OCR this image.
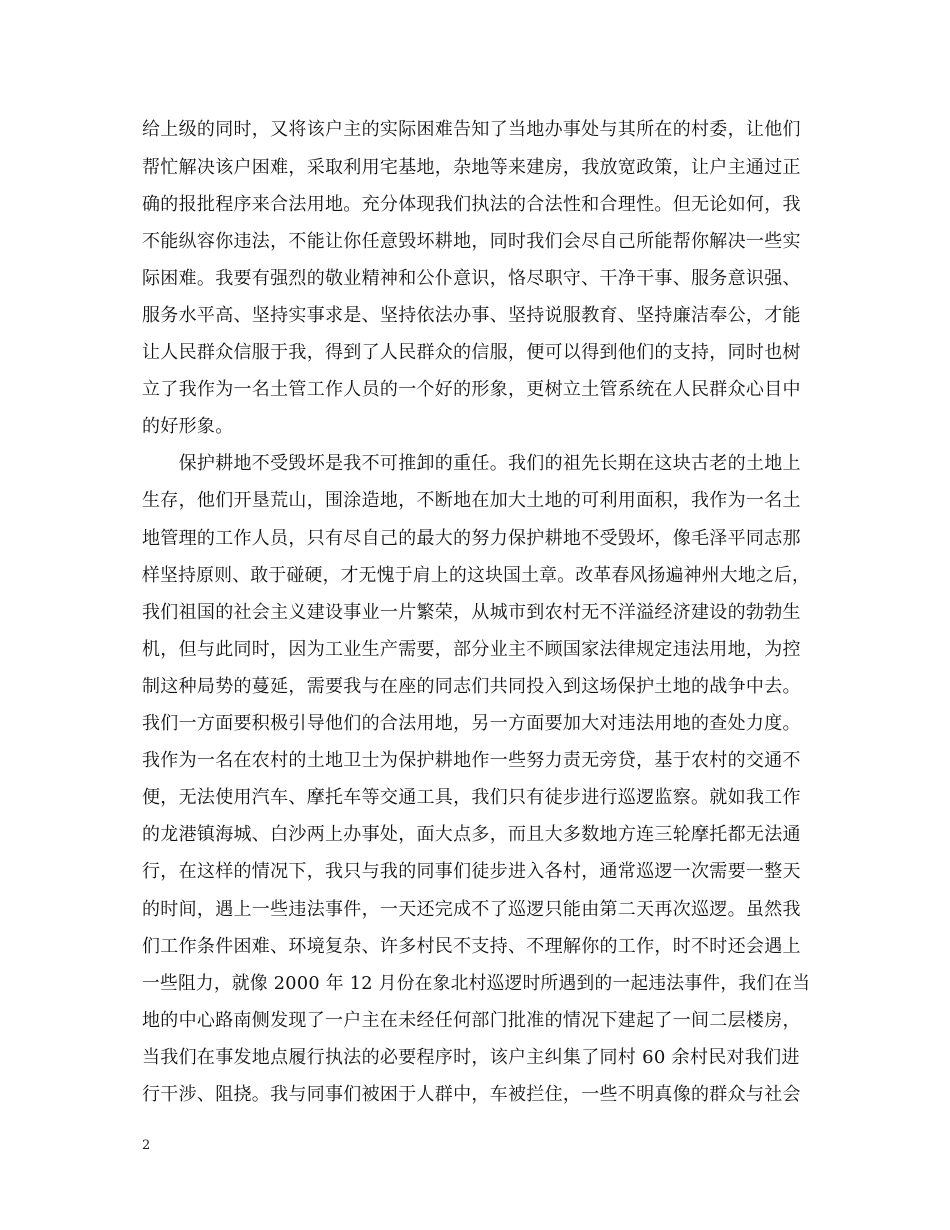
给上级的同时，又将该户主的实际困难告知了当地办事处与其所在的村委，让他们
帮忙解决该户困难，采取利用宅基地，杂地等来建房，我放宽政策，让户主通过正
确的报批程序来合法用地。充分体现我们执法的合法性和合理性。但无论如何，我
不能纵容你违法，不能让你任意毁坏耕地，同时我们会尽自己所能帮你解决一些实
际困难。我要有强烈的敬业精神和公仆意识，恪尽职守、干净干事、服务意识强、
服务水平高、坚持实事求是、坚持依法办事、坚持说服教育、坚持廉洁奉公，才能
让人民群众信服于我，得到了人民群众的信服，便可以得到他们的支持，同时也树
立了我作为一名土管工作人员的一个好的形象，更树立土管系统在人民群众心目中
的好形象。
　　保护耕地不受毁坏是我不可推卸的重任。我们的祖先长期在这块古老的土地上
生存，他们开垦荒山，围涂造地，不断地在加大土地的可利用面积，我作为一名土
地管理的工作人员，只有尽自己的最大的努力保护耕地不受毁坏，像毛泽平同志那
样坚持原则、敢于碰硬，才无愧于肩上的这块国土章。改革春风扬遍神州大地之后，
我们祖国的社会主义建设事业一片繁荣，从城市到农村无不洋溢经济建设的勃勃生
机，但与此同时，因为工业生产需要，部分业主不顾国家法律规定违法用地，为控
制这种局势的蔓延，需要我与在座的同志们共同投入到这场保护土地的战争中去。
我们一方面要积极引导他们的合法用地，另一方面要加大对违法用地的查处力度。
我作为一名在农村的土地卫士为保护耕地作一些努力责无旁贷，基于农村的交通不
便，无法使用汽车、摩托车等交通工具，我们只有徒步进行巡逻监察。就如我工作
的龙港镇海城、白沙两上办事处，面大点多，而且大多数地方连三轮摩托都无法通
行，在这样的情况下，我只与我的同事们徒步进入各村，通常巡逻一次需要一整天
的时间，遇上一些违法事件，一天还完成不了巡逻只能由第二天再次巡逻。虽然我
们工作条件困难、环境复杂、许多村民不支持、不理解你的工作，时不时还会遇上
一些阻力，就像 2000 年 12 月份在象北村巡逻时所遇到的一起违法事件，我们在当
地的中心路南侧发现了一户主在未经任何部门批准的情况下建起了一间二层楼房，
当我们在事发地点履行执法的必要程序时，该户主纠集了同村 60 余村民对我们进
行干涉、阻挠。我与同事们被困于人群中，车被拦住，一些不明真像的群众与社会
2
